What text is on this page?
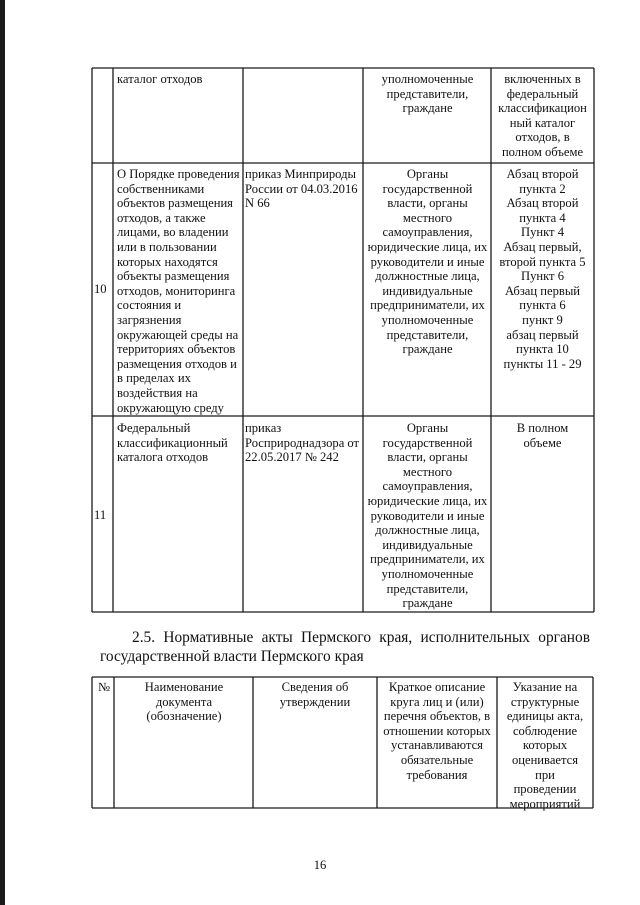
каталог отходов	уполномоченные
представители,
граждане
включенных в
федеральный
классификацион
ный каталог
отходов, в
полном объеме
10
О Порядке проведения
собственниками
объектов размещения
отходов, а также
лицами, во владении
или в пользовании
которых находятся
объекты размещения
отходов, мониторинга
состояния и
загрязнения
окружающей среды на
территориях объектов
размещения отходов и
в пределах их
воздействия на
окружающую среду
приказ Минприроды
России от 04.03.2016
N 66
Органы
государственной
власти, органы
местного
самоуправления,
юридические лица, их
руководители и иные
должностные лица,
индивидуальные
предприниматели, их
уполномоченные
представители,
граждане
Абзац второй
пункта 2
Абзац второй
пункта 4
Пункт 4
Абзац первый,
второй пункта 5
Пункт 6
Абзац первый
пункта 6
пункт 9
абзац первый
пункта 10
пункты 11 - 29
11
Федеральный
классификационный
каталога отходов
приказ
Росприроднадзора от
22.05.2017 № 242
Органы
государственной
власти, органы
местного
самоуправления,
юридические лица, их
руководители и иные
должностные лица,
индивидуальные
предприниматели, их
уполномоченные
представители,
граждане
В полном
объеме
2.5. Нормативные акты Пермского края, исполнительных органов государственной власти Пермского края
№	Наименование
документа
(обозначение)
Сведения об
утверждении
Краткое описание
круга лиц и (или)
перечня объектов, в
отношении которых
устанавливаются
обязательные
требования
Указание на
структурные
единицы акта,
соблюдение
которых
оценивается
при
проведении
мероприятий
16
